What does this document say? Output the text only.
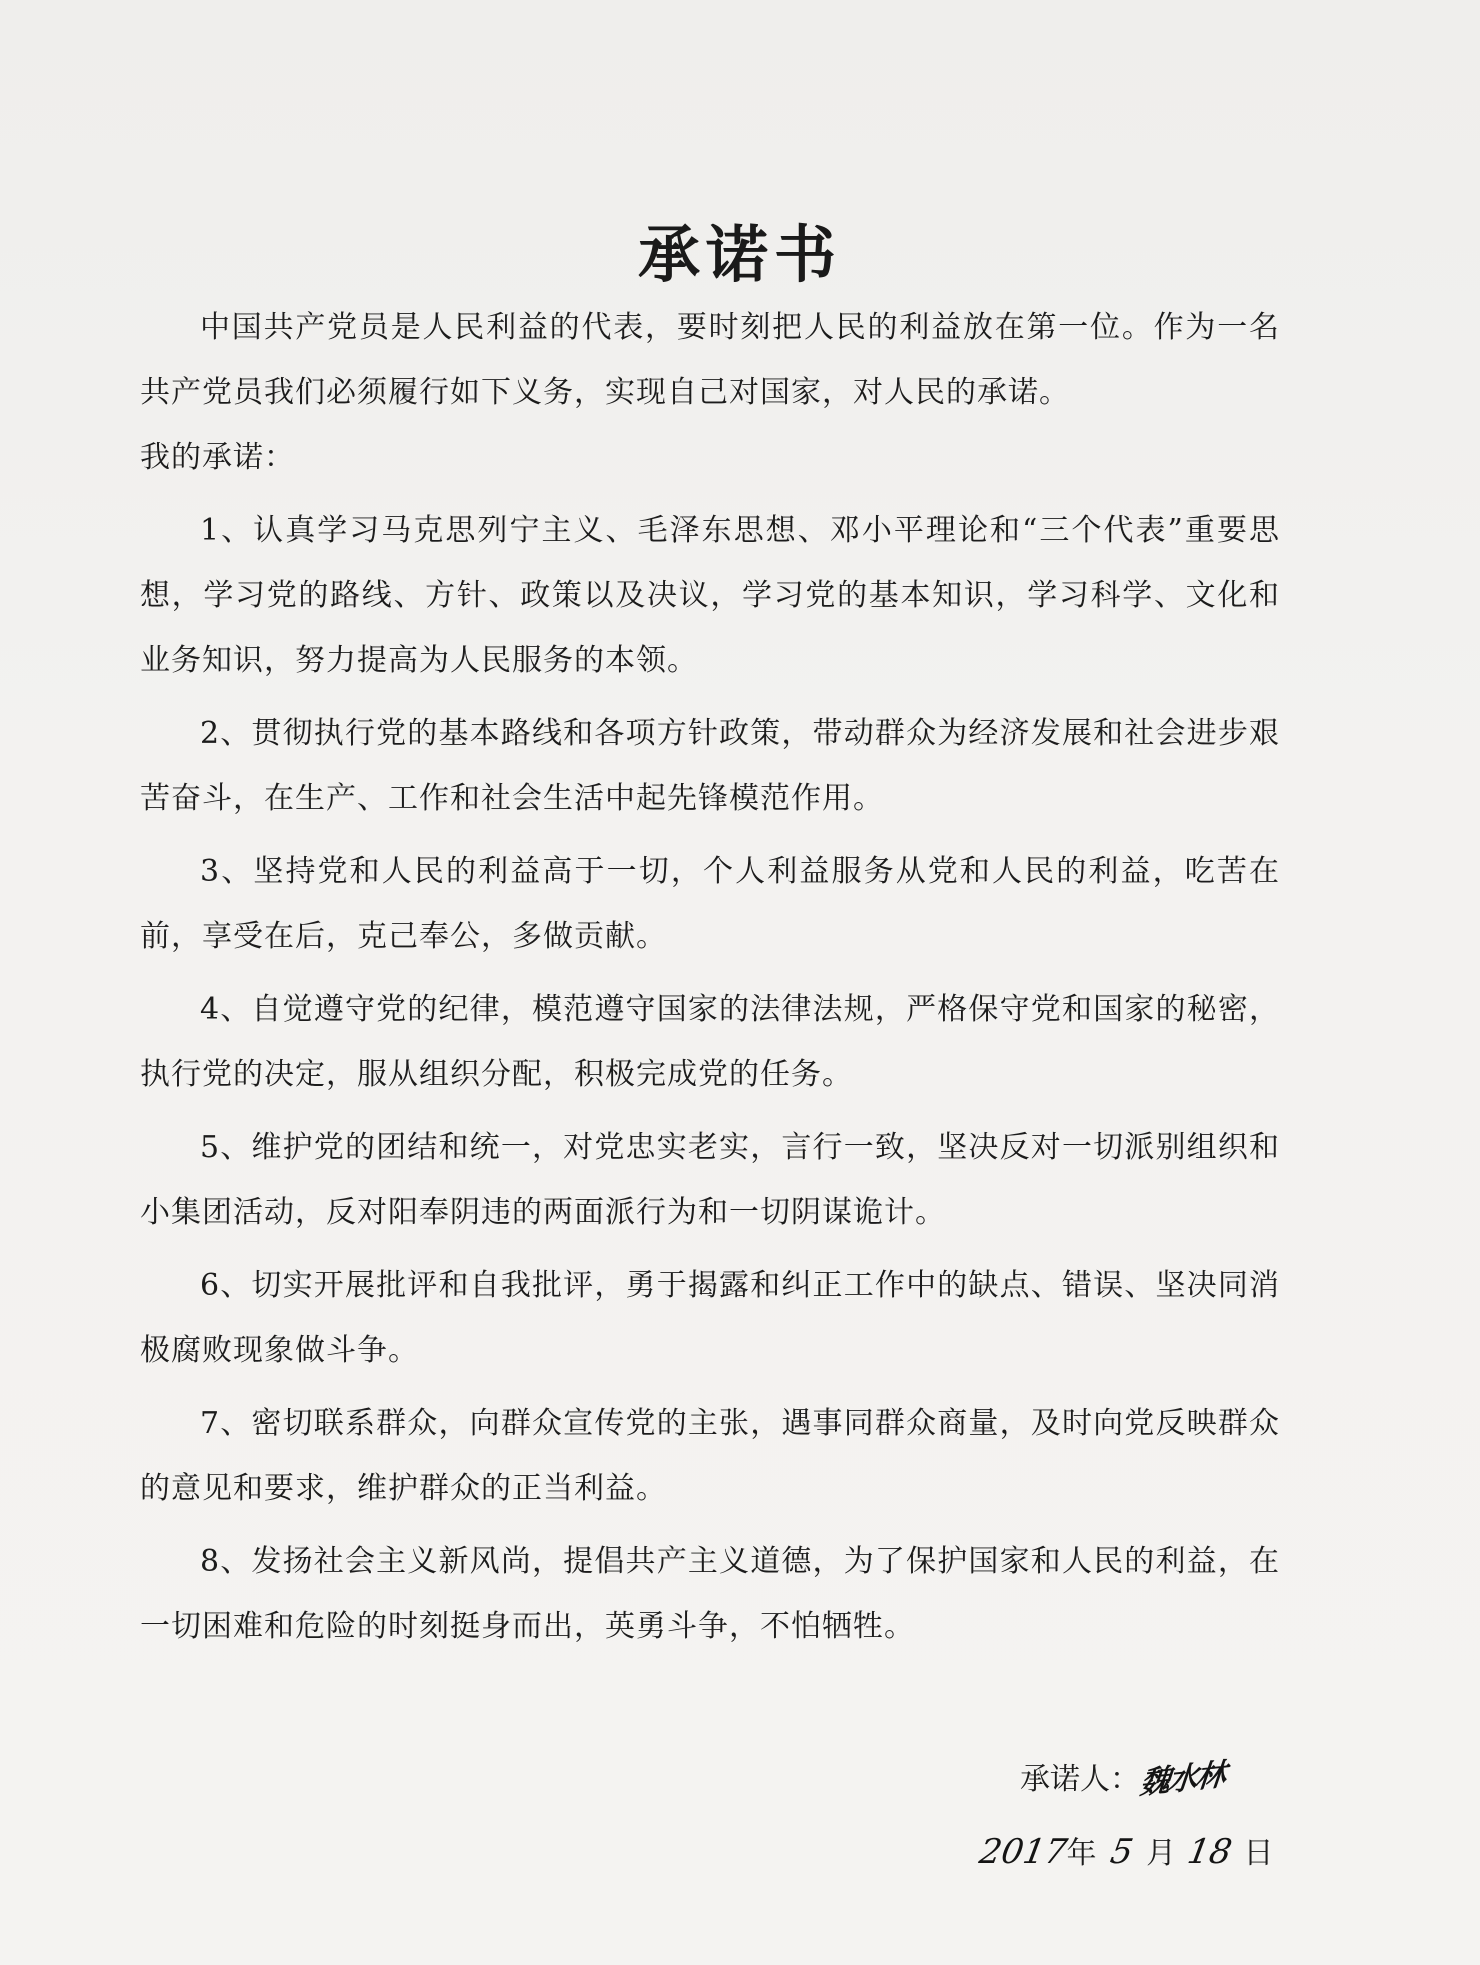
承诺书

中国共产党员是人民利益的代表，要时刻把人民的利益放在第一位。作为一名共产党员我们必须履行如下义务，实现自己对国家，对人民的承诺。

我的承诺：

1、认真学习马克思列宁主义、毛泽东思想、邓小平理论和“三个代表”重要思想，学习党的路线、方针、政策以及决议，学习党的基本知识，学习科学、文化和业务知识，努力提高为人民服务的本领。

2、贯彻执行党的基本路线和各项方针政策，带动群众为经济发展和社会进步艰苦奋斗，在生产、工作和社会生活中起先锋模范作用。

3、坚持党和人民的利益高于一切，个人利益服务从党和人民的利益，吃苦在前，享受在后，克己奉公，多做贡献。

4、自觉遵守党的纪律，模范遵守国家的法律法规，严格保守党和国家的秘密，执行党的决定，服从组织分配，积极完成党的任务。

5、维护党的团结和统一，对党忠实老实，言行一致，坚决反对一切派别组织和小集团活动，反对阳奉阴违的两面派行为和一切阴谋诡计。

6、切实开展批评和自我批评，勇于揭露和纠正工作中的缺点、错误、坚决同消极腐败现象做斗争。

7、密切联系群众，向群众宣传党的主张，遇事同群众商量，及时向党反映群众的意见和要求，维护群众的正当利益。

8、发扬社会主义新风尚，提倡共产主义道德，为了保护国家和人民的利益，在一切困难和危险的时刻挺身而出，英勇斗争，不怕牺牲。

承诺人：
魏水林
2017
年 5 月 18 日
